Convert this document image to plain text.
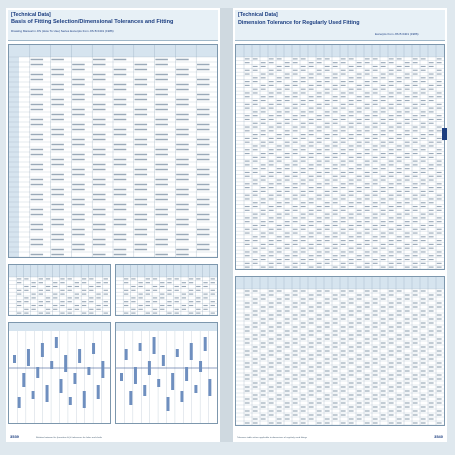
[Technical Data]
Basis of Fitting Selection/Dimensional Tolerances and Fitting
Drawing Manual in JIS (How To Use) Series Excerpts from JIS B 0401 (1986)
3539	Relation between fits (transition fit) & tolerances for holes and shafts
[Technical Data]
Dimension Tolerance for Regularly Used Fitting
Excerpts from JIS B 0401 (1986)
3540
Tolerance table values applicable to dimensions of regularly used fittings
